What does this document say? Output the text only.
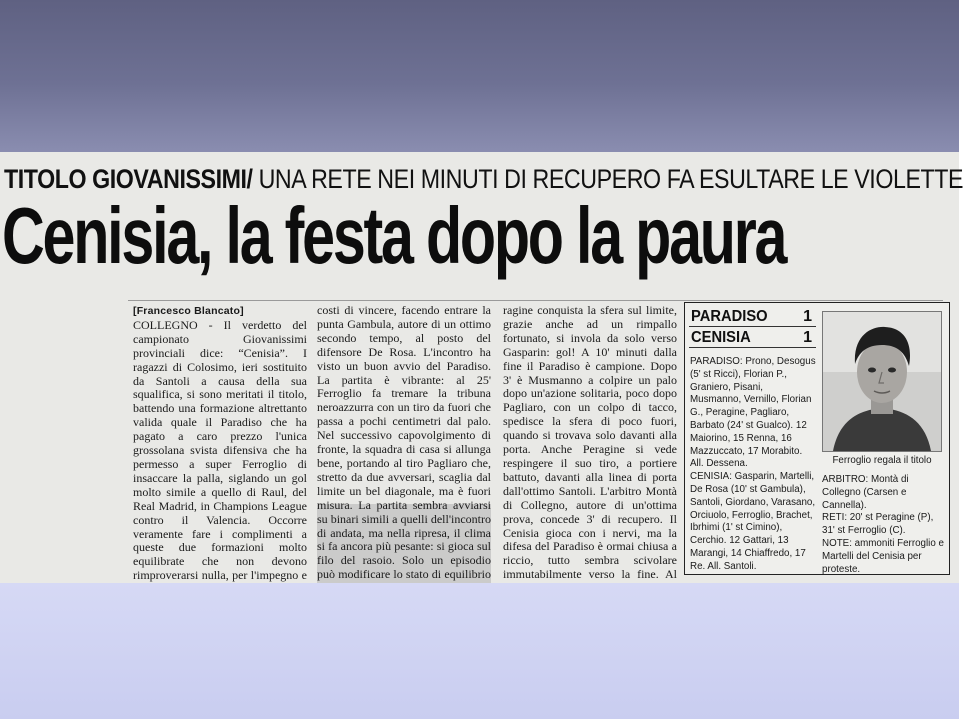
TITOLO GIOVANISSIMI/ UNA RETE NEI MINUTI DI RECUPERO FA ESULTARE LE VIOLETTE
Cenisia, la festa dopo la paura

[Francesco Blancato]

COLLEGNO - Il verdetto del campionato Giovanissimi provinciali dice: “Cenisia”. I ragazzi di Colosimo, ieri sostituito da Santoli a causa della sua squalifica, si sono meritati il titolo, battendo una formazione altrettanto valida quale il Paradiso che ha pagato a caro prezzo l'unica grossolana svista difensiva che ha permesso a super Ferroglio di insaccare la palla, siglando un gol molto simile a quello di Raul, del Real Madrid, in Champions League contro il Valencia. Occorre veramente fare i complimenti a queste due formazioni molto equilibrate che non devono rimproverarsi nulla, per l'impegno e

costi di vincere, facendo entrare la punta Gambula, autore di un ottimo secondo tempo, al posto del difensore De Rosa. L'incontro ha visto un buon avvio del Paradiso. La partita è vibrante: al 25' Ferroglio fa tremare la tribuna neroazzurra con un tiro da fuori che passa a pochi centimetri dal palo. Nel successivo capovolgimento di fronte, la squadra di casa si allunga bene, portando al tiro Pagliaro che, stretto da due avversari, scaglia dal limite un bel diagonale, ma è fuori misura. La partita sembra avviarsi su binari simili a quelli dell'incontro di andata, ma nella ripresa, il clima si fa ancora più pesante: si gioca sul filo del rasoio. Solo un episodio può modificare lo stato di equilibrio

ragine conquista la sfera sul limite, grazie anche ad un rimpallo fortunato, si invola da solo verso Gasparin: gol! A 10' minuti dalla fine il Paradiso è campione. Dopo 3' è Musmanno a colpire un palo dopo un'azione solitaria, poco dopo Pagliaro, con un colpo di tacco, spedisce la sfera di poco fuori, quando si trovava solo davanti alla porta. Anche Peragine si vede respingere il suo tiro, a portiere battuto, davanti alla linea di porta dall'ottimo Santoli. L'arbitro Montà di Collegno, autore di un'ottima prova, concede 3' di recupero. Il Cenisia gioca con i nervi, ma la difesa del Paradiso è ormai chiusa a riccio, tutto sembra scivolare immutabilmente verso la fine. Al

PARADISO 1
CENISIA	1

PARADISO: Prono, Desogus (5' st Ricci), Florian P., Graniero, Pisani, Musmanno, Vernillo, Florian G., Peragine, Pagliaro, Barbato (24' st Gualco). 12 Maiorino, 15 Renna, 16 Mazzuccato, 17 Morabito. All. Dessena.

CENISIA: Gasparin, Martelli, De Rosa (10' st Gambula), Santoli, Giordano, Varasano, Orciuolo, Ferroglio, Brachet, Ibrhimi (1' st Cimino), Cerchio. 12 Gattari, 13 Marangi, 14 Chiaffredo, 17 Re. All. Santoli.

Ferroglio regala il titolo

ARBITRO: Montà di Collegno (Carsen e Cannella).

RETI: 20' st Peragine (P), 31' st Ferroglio (C).

NOTE: ammoniti Ferroglio e Martelli del Cenisia per proteste.
